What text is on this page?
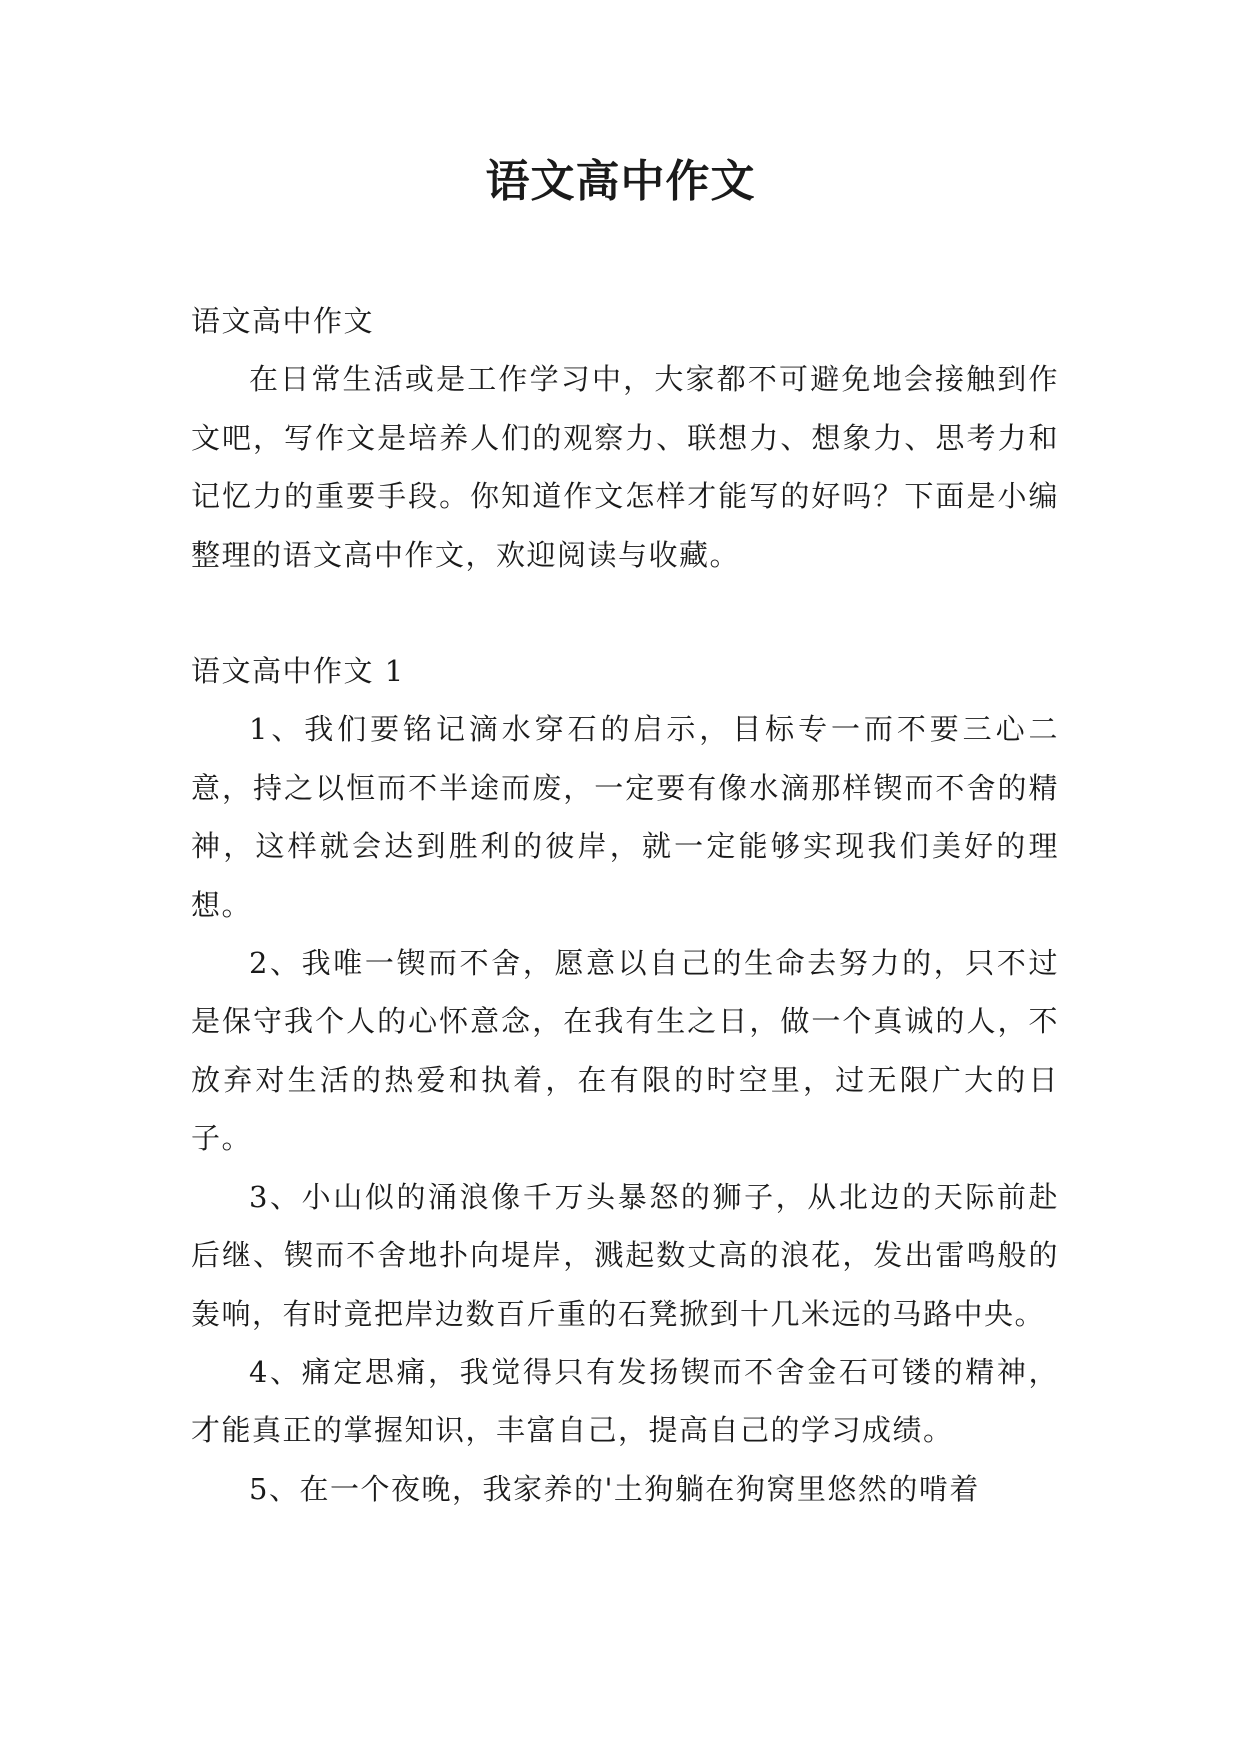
语文高中作文

语文高中作文

在日常生活或是工作学习中，大家都不可避免地会接触到作文吧，写作文是培养人们的观察力、联想力、想象力、思考力和记忆力的重要手段。你知道作文怎样才能写的好吗？下面是小编整理的语文高中作文，欢迎阅读与收藏。

语文高中作文 1

1、我们要铭记滴水穿石的启示，目标专一而不要三心二意，持之以恒而不半途而废，一定要有像水滴那样锲而不舍的精神，这样就会达到胜利的彼岸，就一定能够实现我们美好的理想。

2、我唯一锲而不舍，愿意以自己的生命去努力的，只不过是保守我个人的心怀意念，在我有生之日，做一个真诚的人，不放弃对生活的热爱和执着，在有限的时空里，过无限广大的日子。

3、小山似的涌浪像千万头暴怒的狮子，从北边的天际前赴后继、锲而不舍地扑向堤岸，溅起数丈高的浪花，发出雷鸣般的轰响，有时竟把岸边数百斤重的石凳掀到十几米远的马路中央。

4、痛定思痛，我觉得只有发扬锲而不舍金石可镂的精神，才能真正的掌握知识，丰富自己，提高自己的学习成绩。

5、在一个夜晚，我家养的'土狗躺在狗窝里悠然的啃着
